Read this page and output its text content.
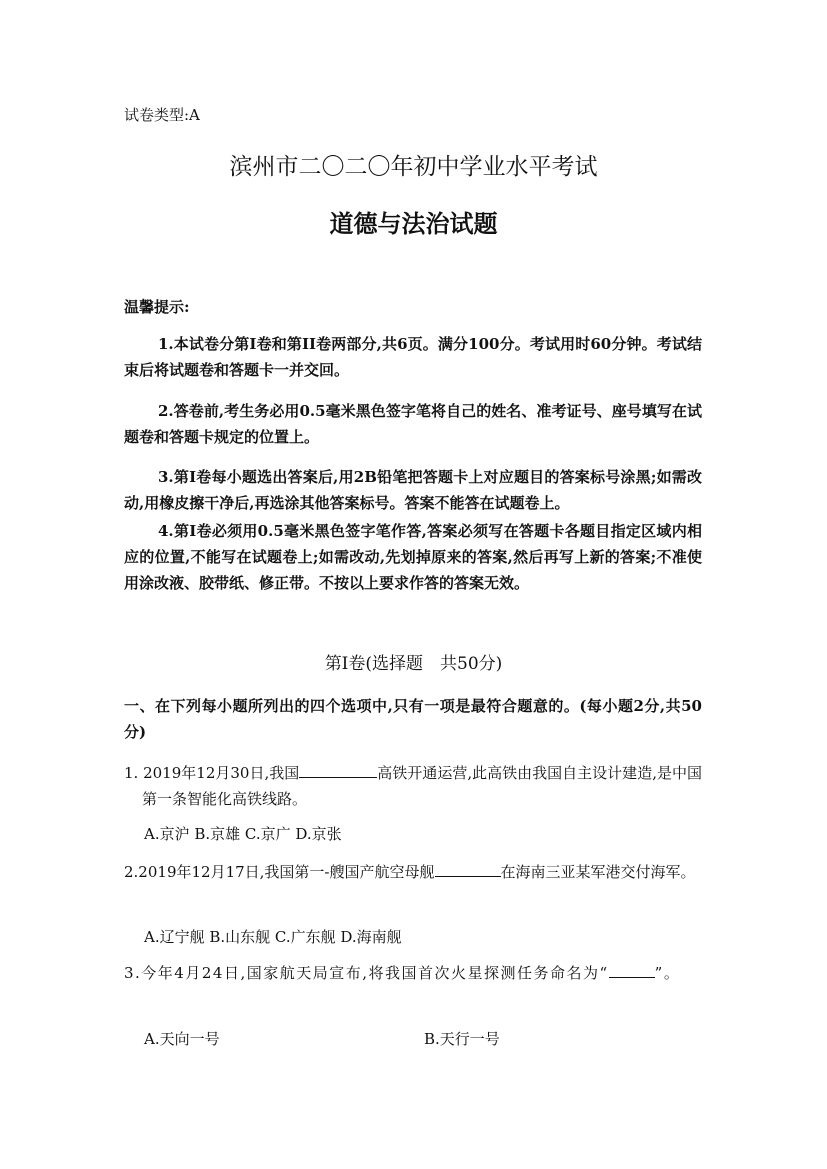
试卷类型:A
滨州市二〇二〇年初中学业水平考试
道德与法治试题
温馨提示:
1.本试卷分第Ⅰ卷和第II卷两部分,共6页。满分100分。考试用时60分钟。考试结束后将试题卷和答题卡一并交回。
2.答卷前,考生务必用0.5毫米黑色签字笔将自己的姓名、准考证号、座号填写在试题卷和答题卡规定的位置上。
3.第Ⅰ卷每小题选出答案后,用2B铅笔把答题卡上对应题目的答案标号涂黑;如需改动,用橡皮擦干净后,再选涂其他答案标号。答案不能答在试题卷上。
4.第Ⅰ卷必须用0.5毫米黑色签字笔作答,答案必须写在答题卡各题目指定区域内相应的位置,不能写在试题卷上;如需改动,先划掉原来的答案,然后再写上新的答案;不准使用涂改液、胶带纸、修正带。不按以上要求作答的答案无效。
第Ⅰ卷(选择题　共50分)
一、在下列每小题所列出的四个选项中,只有一项是最符合题意的。(每小题2分,共50分)
1. 2019年12月30日,我国	高铁开通运营,此高铁由我国自主设计建造,是中国第一条智能化高铁线路。
A.京沪 B.京雄 C.京广 D.京张
2.2019年12月17日,我国第一-艘国产航空母舰	在海南三亚某军港交付海军。
A.辽宁舰 B.山东舰 C.广东舰 D.海南舰
3.今年4月24日,国家航天局宣布,将我国首次火星探测任务命名为“	”。
A.天向一号	B.天行一号
